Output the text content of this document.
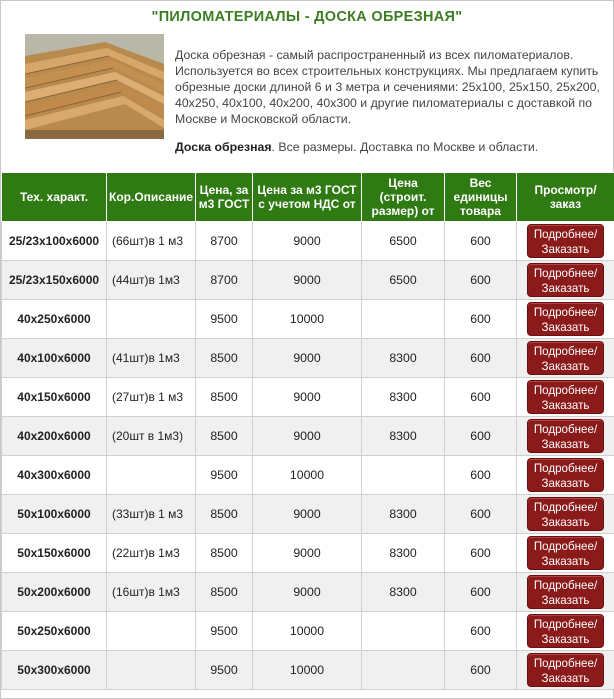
"ПИЛОМАТЕРИАЛЫ - ДОСКА ОБРЕЗНАЯ"
Доска обрезная - самый распространенный из всех пиломатериалов. Используется во всех строительных конструкциях. Мы предлагаем купить обрезные доски длиной 6 и 3 метра и сечениями: 25х100, 25х150, 25х200, 40х250, 40х100, 40х200, 40х300 и другие пиломатериалы с доставкой по Москве и Московской области.
Доска обрезная. Все размеры. Доставка по Москве и области.
Тех. характ.	Кор.Описание	Цена, за м3 ГОСТ	Цена за м3 ГОСТ с учетом НДС от	Цена (строит. размер) от	Вес единицы товара	Просмотр/ заказ
25/23х100х6000	(66шт)в 1 м3	8700	9000	6500	600	Подробнее/ Заказать

25/23х150х6000	(44шт)в 1м3	8700	9000	6500	600	Подробнее/ Заказать

40х250х6000		9500	10000		600	Подробнее/ Заказать

40х100х6000	(41шт)в 1м3	8500	9000	8300	600	Подробнее/ Заказать

40х150х6000	(27шт)в 1 м3	8500	9000	8300	600	Подробнее/ Заказать

40х200х6000	(20шт в 1м3)	8500	9000	8300	600	Подробнее/ Заказать

40х300х6000		9500	10000		600	Подробнее/ Заказать

50х100х6000	(33шт)в 1 м3	8500	9000	8300	600	Подробнее/ Заказать

50х150х6000	(22шт)в 1м3	8500	9000	8300	600	Подробнее/ Заказать

50х200х6000	(16шт)в 1м3	8500	9000	8300	600	Подробнее/ Заказать

50х250х6000		9500	10000		600	Подробнее/ Заказать

50х300х6000		9500	10000		600	Подробнее/ Заказать
